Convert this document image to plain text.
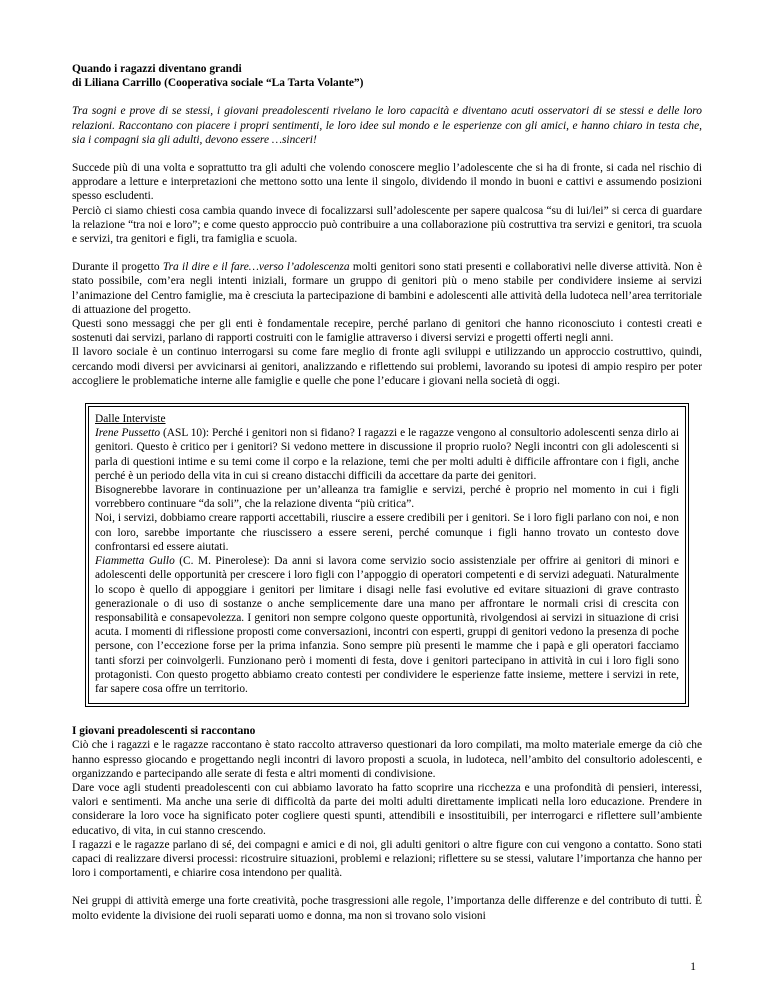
Quando i ragazzi diventano grandi
di Liliana Carrillo (Cooperativa sociale “La Tarta Volante”)

Tra sogni e prove di se stessi, i giovani preadolescenti rivelano le loro capacità e diventano acuti osservatori di se stessi e delle loro relazioni. Raccontano con piacere i propri sentimenti, le loro idee sul mondo e le esperienze con gli amici, e hanno chiaro in testa che, sia i compagni sia gli adulti, devono essere …sinceri!

Succede più di una volta e soprattutto tra gli adulti che volendo conoscere meglio l’adolescente che si ha di fronte, si cada nel rischio di approdare a letture e interpretazioni che mettono sotto una lente il singolo, dividendo il mondo in buoni e cattivi e assumendo posizioni spesso escludenti.

Perciò ci siamo chiesti cosa cambia quando invece di focalizzarsi sull’adolescente per sapere qualcosa “su di lui/lei” si cerca di guardare la relazione “tra noi e loro”; e come questo approccio può contribuire a una collaborazione più costruttiva tra servizi e genitori, tra scuola e servizi, tra genitori e figli, tra famiglia e scuola.

Durante il progetto Tra il dire e il fare…verso l’adolescenza molti genitori sono stati presenti e collaborativi nelle diverse attività. Non è stato possibile, com’era negli intenti iniziali, formare un gruppo di genitori più o meno stabile per condividere insieme ai servizi l’animazione del Centro famiglie, ma è cresciuta la partecipazione di bambini e adolescenti alle attività della ludoteca nell’area territoriale di attuazione del progetto.

Questi sono messaggi che per gli enti è fondamentale recepire, perché parlano di genitori che hanno riconosciuto i contesti creati e sostenuti dai servizi, parlano di rapporti costruiti con le famiglie attraverso i diversi servizi e progetti offerti negli anni.

Il lavoro sociale è un continuo interrogarsi su come fare meglio di fronte agli sviluppi e utilizzando un approccio costruttivo, quindi, cercando modi diversi per avvicinarsi ai genitori, analizzando e riflettendo sui problemi, lavorando su ipotesi di ampio respiro per poter accogliere le problematiche interne alle famiglie e quelle che pone l’educare i giovani nella società di oggi.

Dalle Interviste

Irene Pussetto (ASL 10): Perché i genitori non si fidano? I ragazzi e le ragazze vengono al consultorio adolescenti senza dirlo ai genitori. Questo è critico per i genitori? Si vedono mettere in discussione il proprio ruolo? Negli incontri con gli adolescenti si parla di questioni intime e su temi come il corpo e la relazione, temi che per molti adulti è difficile affrontare con i figli, anche perché è un periodo della vita in cui si creano distacchi difficili da accettare da parte dei genitori.

Bisognerebbe lavorare in continuazione per un’alleanza tra famiglie e servizi, perché è proprio nel momento in cui i figli vorrebbero continuare “da soli”, che la relazione diventa “più critica”.

Noi, i servizi, dobbiamo creare rapporti accettabili, riuscire a essere credibili per i genitori. Se i loro figli parlano con noi, e non con loro, sarebbe importante che riuscissero a essere sereni, perché comunque i figli hanno trovato un contesto dove confrontarsi ed essere aiutati.

Fiammetta Gullo (C. M. Pinerolese): Da anni si lavora come servizio socio assistenziale per offrire ai genitori di minori e adolescenti delle opportunità per crescere i loro figli con l’appoggio di operatori competenti e di servizi adeguati. Naturalmente lo scopo è quello di appoggiare i genitori per limitare i disagi nelle fasi evolutive ed evitare situazioni di grave contrasto generazionale o di uso di sostanze o anche semplicemente dare una mano per affrontare le normali crisi di crescita con responsabilità e consapevolezza. I genitori non sempre colgono queste opportunità, rivolgendosi ai servizi in situazione di crisi acuta. I momenti di riflessione proposti come conversazioni, incontri con esperti, gruppi di genitori vedono la presenza di poche persone, con l’eccezione forse per la prima infanzia. Sono sempre più presenti le mamme che i papà e gli operatori facciamo tanti sforzi per coinvolgerli. Funzionano però i momenti di festa, dove i genitori partecipano in attività in cui i loro figli sono protagonisti. Con questo progetto abbiamo creato contesti per condividere le esperienze fatte insieme, mettere i servizi in rete, far sapere cosa offre un territorio.

I giovani preadolescenti si raccontano

Ciò che i ragazzi e le ragazze raccontano è stato raccolto attraverso questionari da loro compilati, ma molto materiale emerge da ciò che hanno espresso giocando e progettando negli incontri di lavoro proposti a scuola, in ludoteca, nell’ambito del consultorio adolescenti, e organizzando e partecipando alle serate di festa e altri momenti di condivisione.

Dare voce agli studenti preadolescenti con cui abbiamo lavorato ha fatto scoprire una ricchezza e una profondità di pensieri, interessi, valori e sentimenti. Ma anche una serie di difficoltà da parte dei molti adulti direttamente implicati nella loro educazione. Prendere in considerare la loro voce ha significato poter cogliere questi spunti, attendibili e insostituibili, per interrogarci e riflettere sull’ambiente educativo, di vita, in cui stanno crescendo.

I ragazzi e le ragazze parlano di sé, dei compagni e amici e di noi, gli adulti genitori o altre figure con cui vengono a contatto. Sono stati capaci di realizzare diversi processi: ricostruire situazioni, problemi e relazioni; riflettere su se stessi, valutare l’importanza che hanno per loro i comportamenti, e chiarire cosa intendono per qualità.

Nei gruppi di attività emerge una forte creatività, poche trasgressioni alle regole, l’importanza delle differenze e del contributo di tutti. È molto evidente la divisione dei ruoli separati uomo e donna, ma non si trovano solo visioni

1
